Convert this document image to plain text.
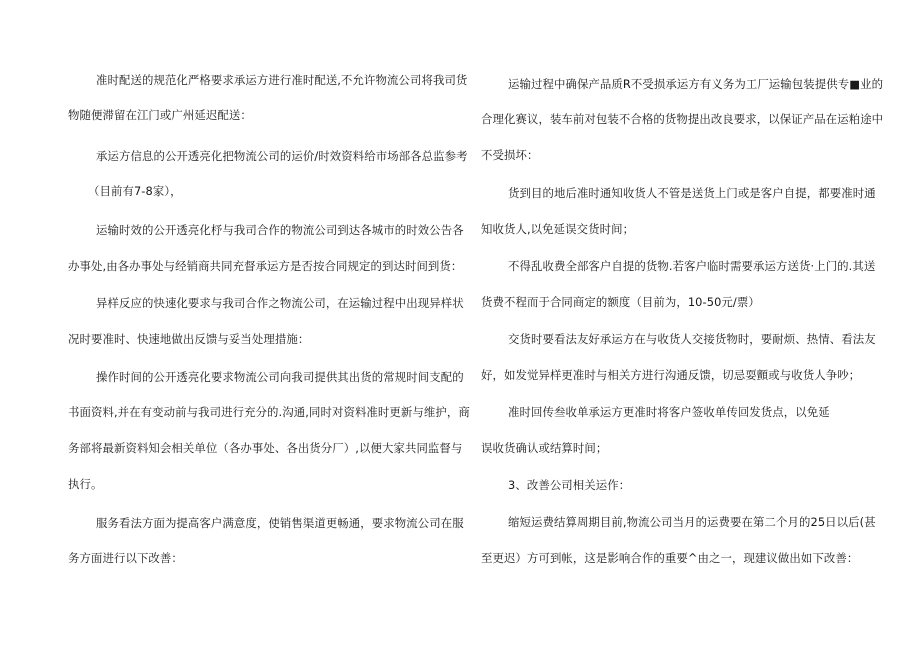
准时配送的规范化严格要求承运方进行准时配送,不允许物流公司将我司货
物随便滞留在江门或广州延迟配送：
承运方信息的公开透亮化把物流公司的运价/时效资料给市场部各总监参考
（目前有7-8家），
运输时效的公开透亮化杼与我司合作的物流公司到达各城市的时效公告各
办事处,由各办事处与经销商共同充督承运方是否按合同规定的到达时间到货：
异样反应的快速化要求与我司合作之物流公司，在运输过程中出现异样状
况时要准时、快速地做出反馈与妥当处理措施：
操作时间的公开透亮化要求物流公司向我司提供其出货的常规时间支配的
书面资料,并在有变动前与我司进行充分的.沟通,同时对资料准时更新与维护，商
务部将最新资料知会相关单位（各办事处、各出货分厂）,以便大家共同监督与
执行。
服务看法方面为提高客户满意度，使销售渠道更畅通，要求物流公司在服
务方面进行以下改善：
运输过程中确保产品质R不受损承运方有义务为工厂运输包装提供专■业的
合理化赛议，装车前对包装不合格的货物提出改良要求，以保证产品在运粕途中
不受损坏：
货到目的地后准时通知收货人不管是送货上门或是客户自提，都要准时通
知收货人,以免延误交货时间；
不得乱收费全部客户自提的货物.若客户临时需要承运方送货·上门的.其送
货费不程而于合同商定的额度（目前为，10-50元/票）
交货时要看法友好承运方在与收货人交接货物时，要耐烦、热情、看法友
好，如发觉异样更准时与相关方进行沟通反馈，切忌耍顫或与收货人争吵；
准时回传叁收单承运方更准时将客户签收单传回发货点，以免延
误收货确认或结算时间；
3、改善公司相关运作：
缩短运费结算周期目前,物流公司当月的运费要在第二个月的25日以后(甚
至更迟）方可到帐，这是影响合作的重要^由之一，现建议做出如下改善：
